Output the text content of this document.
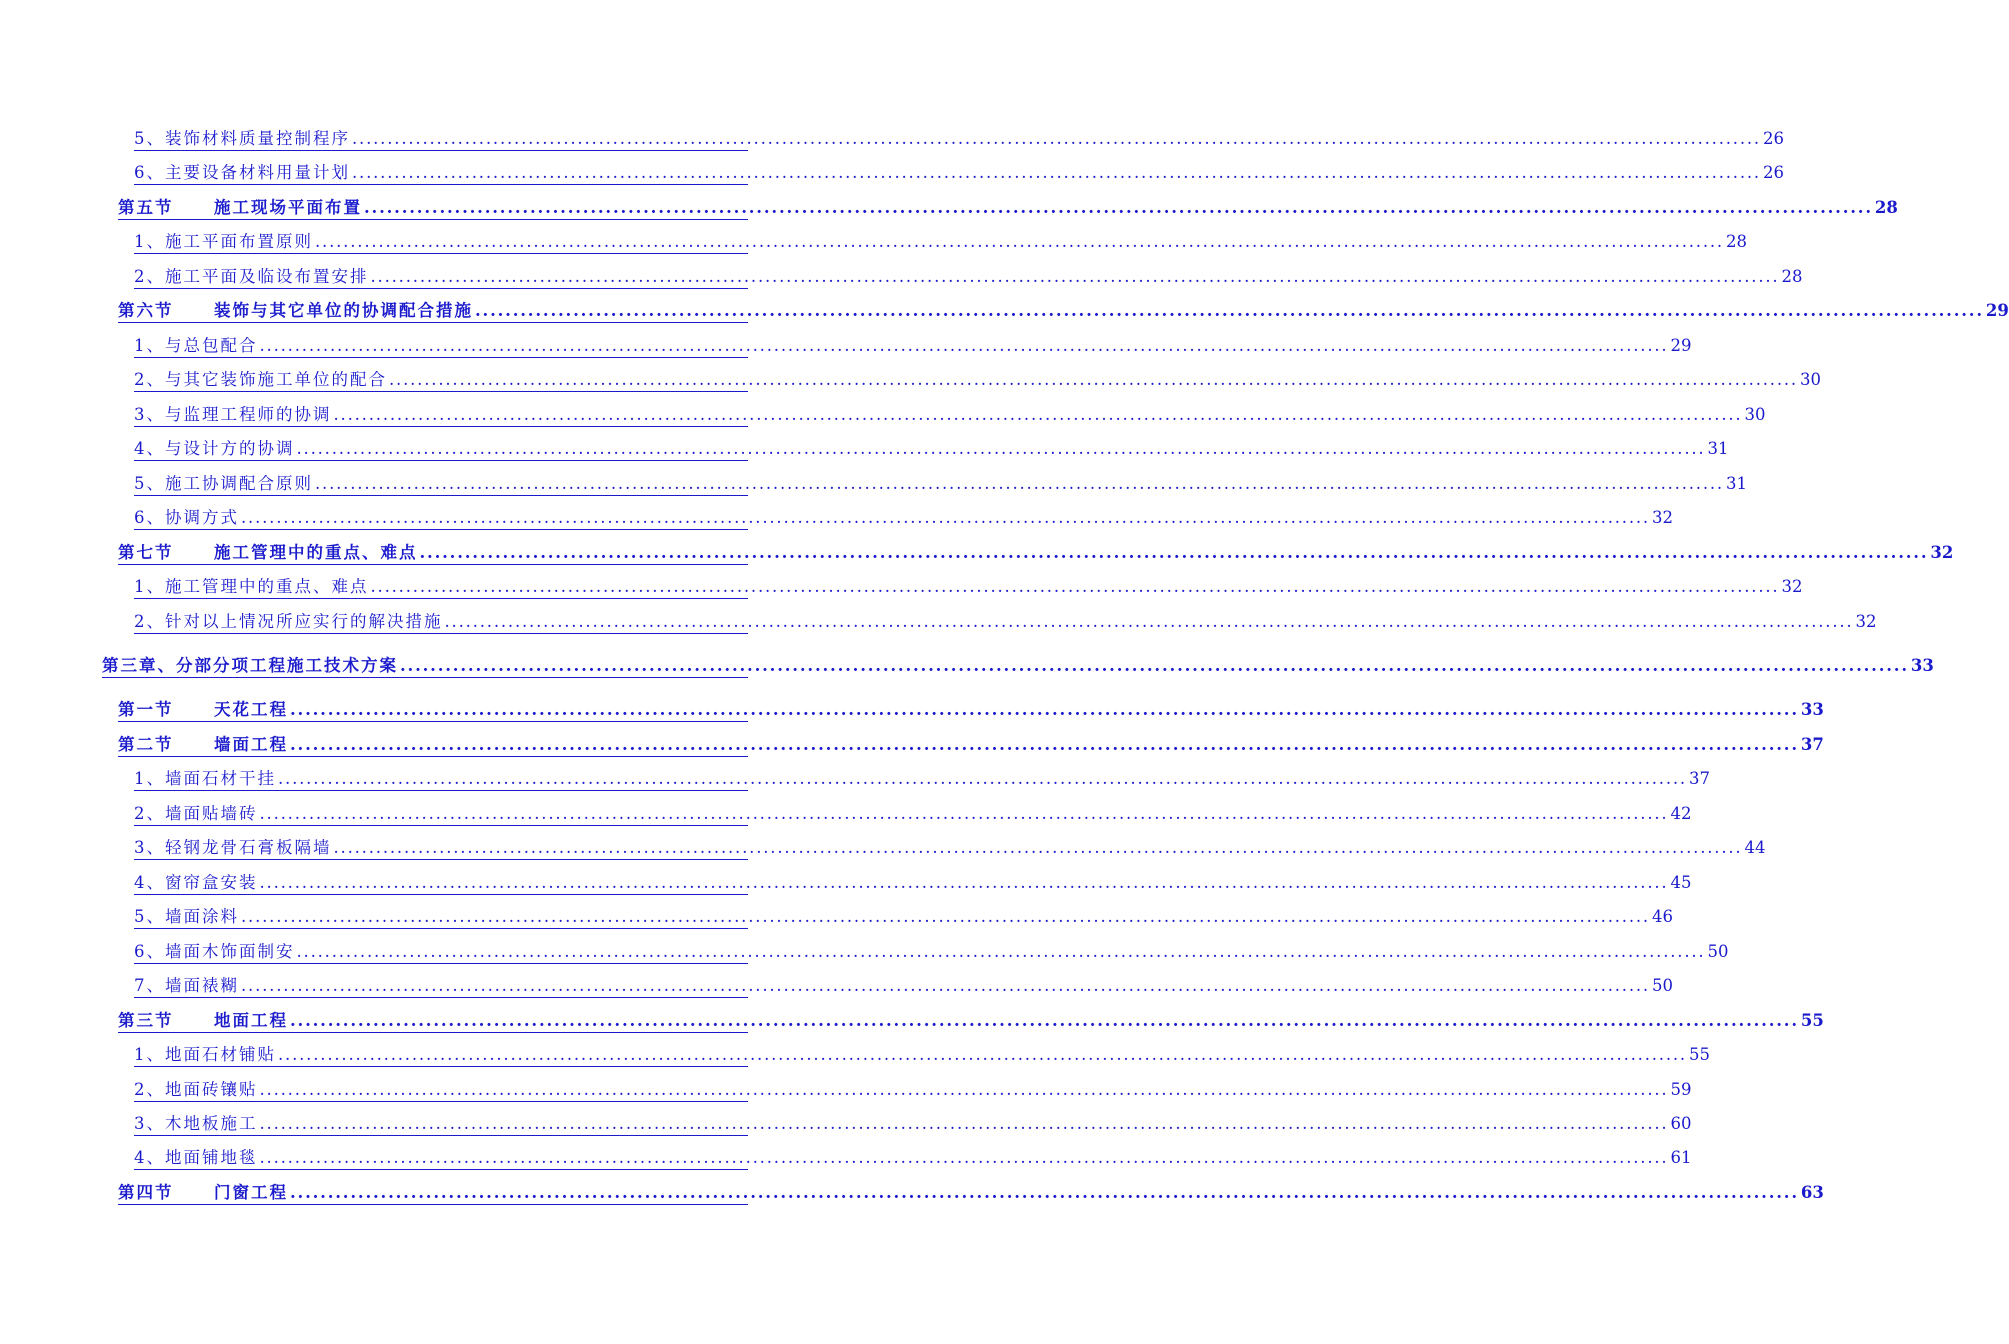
5、装饰材料质量控制程序 ........................................................................................................................................................................................................ 26
6、主要设备材料用量计划 ........................................................................................................................................................................................................ 26
第五节 施工现场平面布置 ........................................................................................................................................................................................................ 28
1、施工平面布置原则 ........................................................................................................................................................................................................ 28
2、施工平面及临设布置安排 ........................................................................................................................................................................................................ 28
第六节 装饰与其它单位的协调配合措施 ........................................................................................................................................................................................................ 29
1、与总包配合 ........................................................................................................................................................................................................ 29
2、与其它装饰施工单位的配合 ........................................................................................................................................................................................................ 30
3、与监理工程师的协调 ........................................................................................................................................................................................................ 30
4、与设计方的协调 ........................................................................................................................................................................................................ 31
5、施工协调配合原则 ........................................................................................................................................................................................................ 31
6、协调方式 ........................................................................................................................................................................................................ 32
第七节 施工管理中的重点、难点 ........................................................................................................................................................................................................ 32
1、施工管理中的重点、难点 ........................................................................................................................................................................................................ 32
2、针对以上情况所应实行的解决措施 ........................................................................................................................................................................................................ 32
第三章、分部分项工程施工技术方案 ........................................................................................................................................................................................................ 33
第一节 天花工程 ........................................................................................................................................................................................................ 33
第二节 墙面工程 ........................................................................................................................................................................................................ 37
1、墙面石材干挂 ........................................................................................................................................................................................................ 37
2、墙面贴墙砖 ........................................................................................................................................................................................................ 42
3、轻钢龙骨石膏板隔墙 ........................................................................................................................................................................................................ 44
4、窗帘盒安装 ........................................................................................................................................................................................................ 45
5、墙面涂料 ........................................................................................................................................................................................................ 46
6、墙面木饰面制安 ........................................................................................................................................................................................................ 50
7、墙面裱糊 ........................................................................................................................................................................................................ 50
第三节 地面工程 ........................................................................................................................................................................................................ 55
1、地面石材铺贴 ........................................................................................................................................................................................................ 55
2、地面砖镶贴 ........................................................................................................................................................................................................ 59
3、木地板施工 ........................................................................................................................................................................................................ 60
4、地面铺地毯 ........................................................................................................................................................................................................ 61
第四节 门窗工程 ........................................................................................................................................................................................................ 63
